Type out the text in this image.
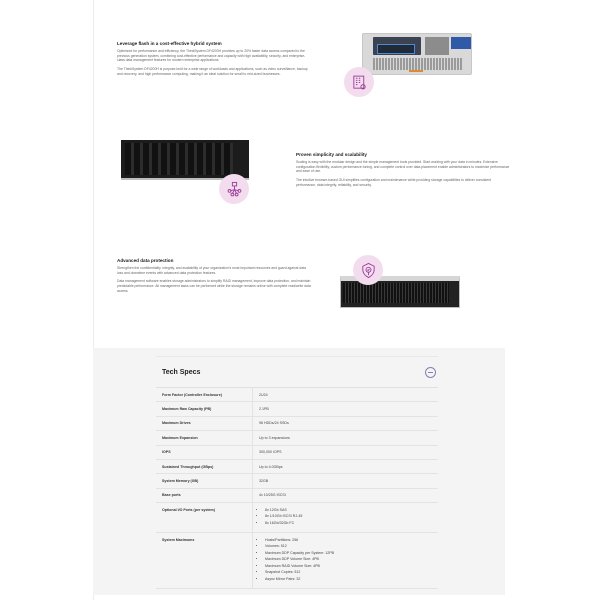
Leverage flash in a cost-effective hybrid system

Optimized for performance and efficiency, the ThinkSystem DF4200H provides up to 20% faster data access compared to the previous generation system, combining cost-effective performance and capacity with high availability, security, and enterprise-class data management features for modern enterprise applications.

The ThinkSystem DF4200H is purpose-built for a wide range of workloads and applications, such as video surveillance, backup and recovery, and high performance computing, making it an ideal solution for small to mid-sized businesses.

Proven simplicity and scalability

Scaling is easy with the modular design and the simple management tools provided. Start working with your data in minutes. Extensive configuration flexibility, custom performance tuning, and complete control over data placement enable administrators to maximize performance and ease of use.

The intuitive browser-based GUI simplifies configuration and maintenance while providing storage capabilities to deliver consistent performance, data integrity, reliability, and security.

Advanced data protection

Strengthen the confidentiality, integrity, and availability of your organization's most important resources and guard against data loss and downtime events with advanced data protection features.

Data management software enables storage administrators to simplify RAID management, improve data protection, and maintain predictable performance. All management tasks can be performed while the storage remains online with complete read/write data access.

Tech Specs
Form Factor (Controller Enclosure)	2U24
Maximum Raw Capacity (PB)	2.1PB
Maximum Drives	96 HDDs/24 SSDs
Maximum Expansion	Up to 3 expansions
IOPS	300,000 IOPS
Sustained Throughput (GBps)	Up to 4.0GBps
System Memory (GB)	32GB
Base ports	4x 10/25G iSCSI
Optional I/O Ports (per system)	
•8x 12Gb SAS
• 8x 1/10Gb iSCSI RJ-45
• 8x 16Gb/32Gb FC

System Maximums	
•Hosts/Partitions: 256
• Volumes: 512
• Maximum DDP Capacity per System: 12PB
• Maximum DDP Volume Size: 4PB
• Maximum RAID Volume Size: 4PB
• Snapshot Copies: 512
• Async Mirror Pairs: 32
